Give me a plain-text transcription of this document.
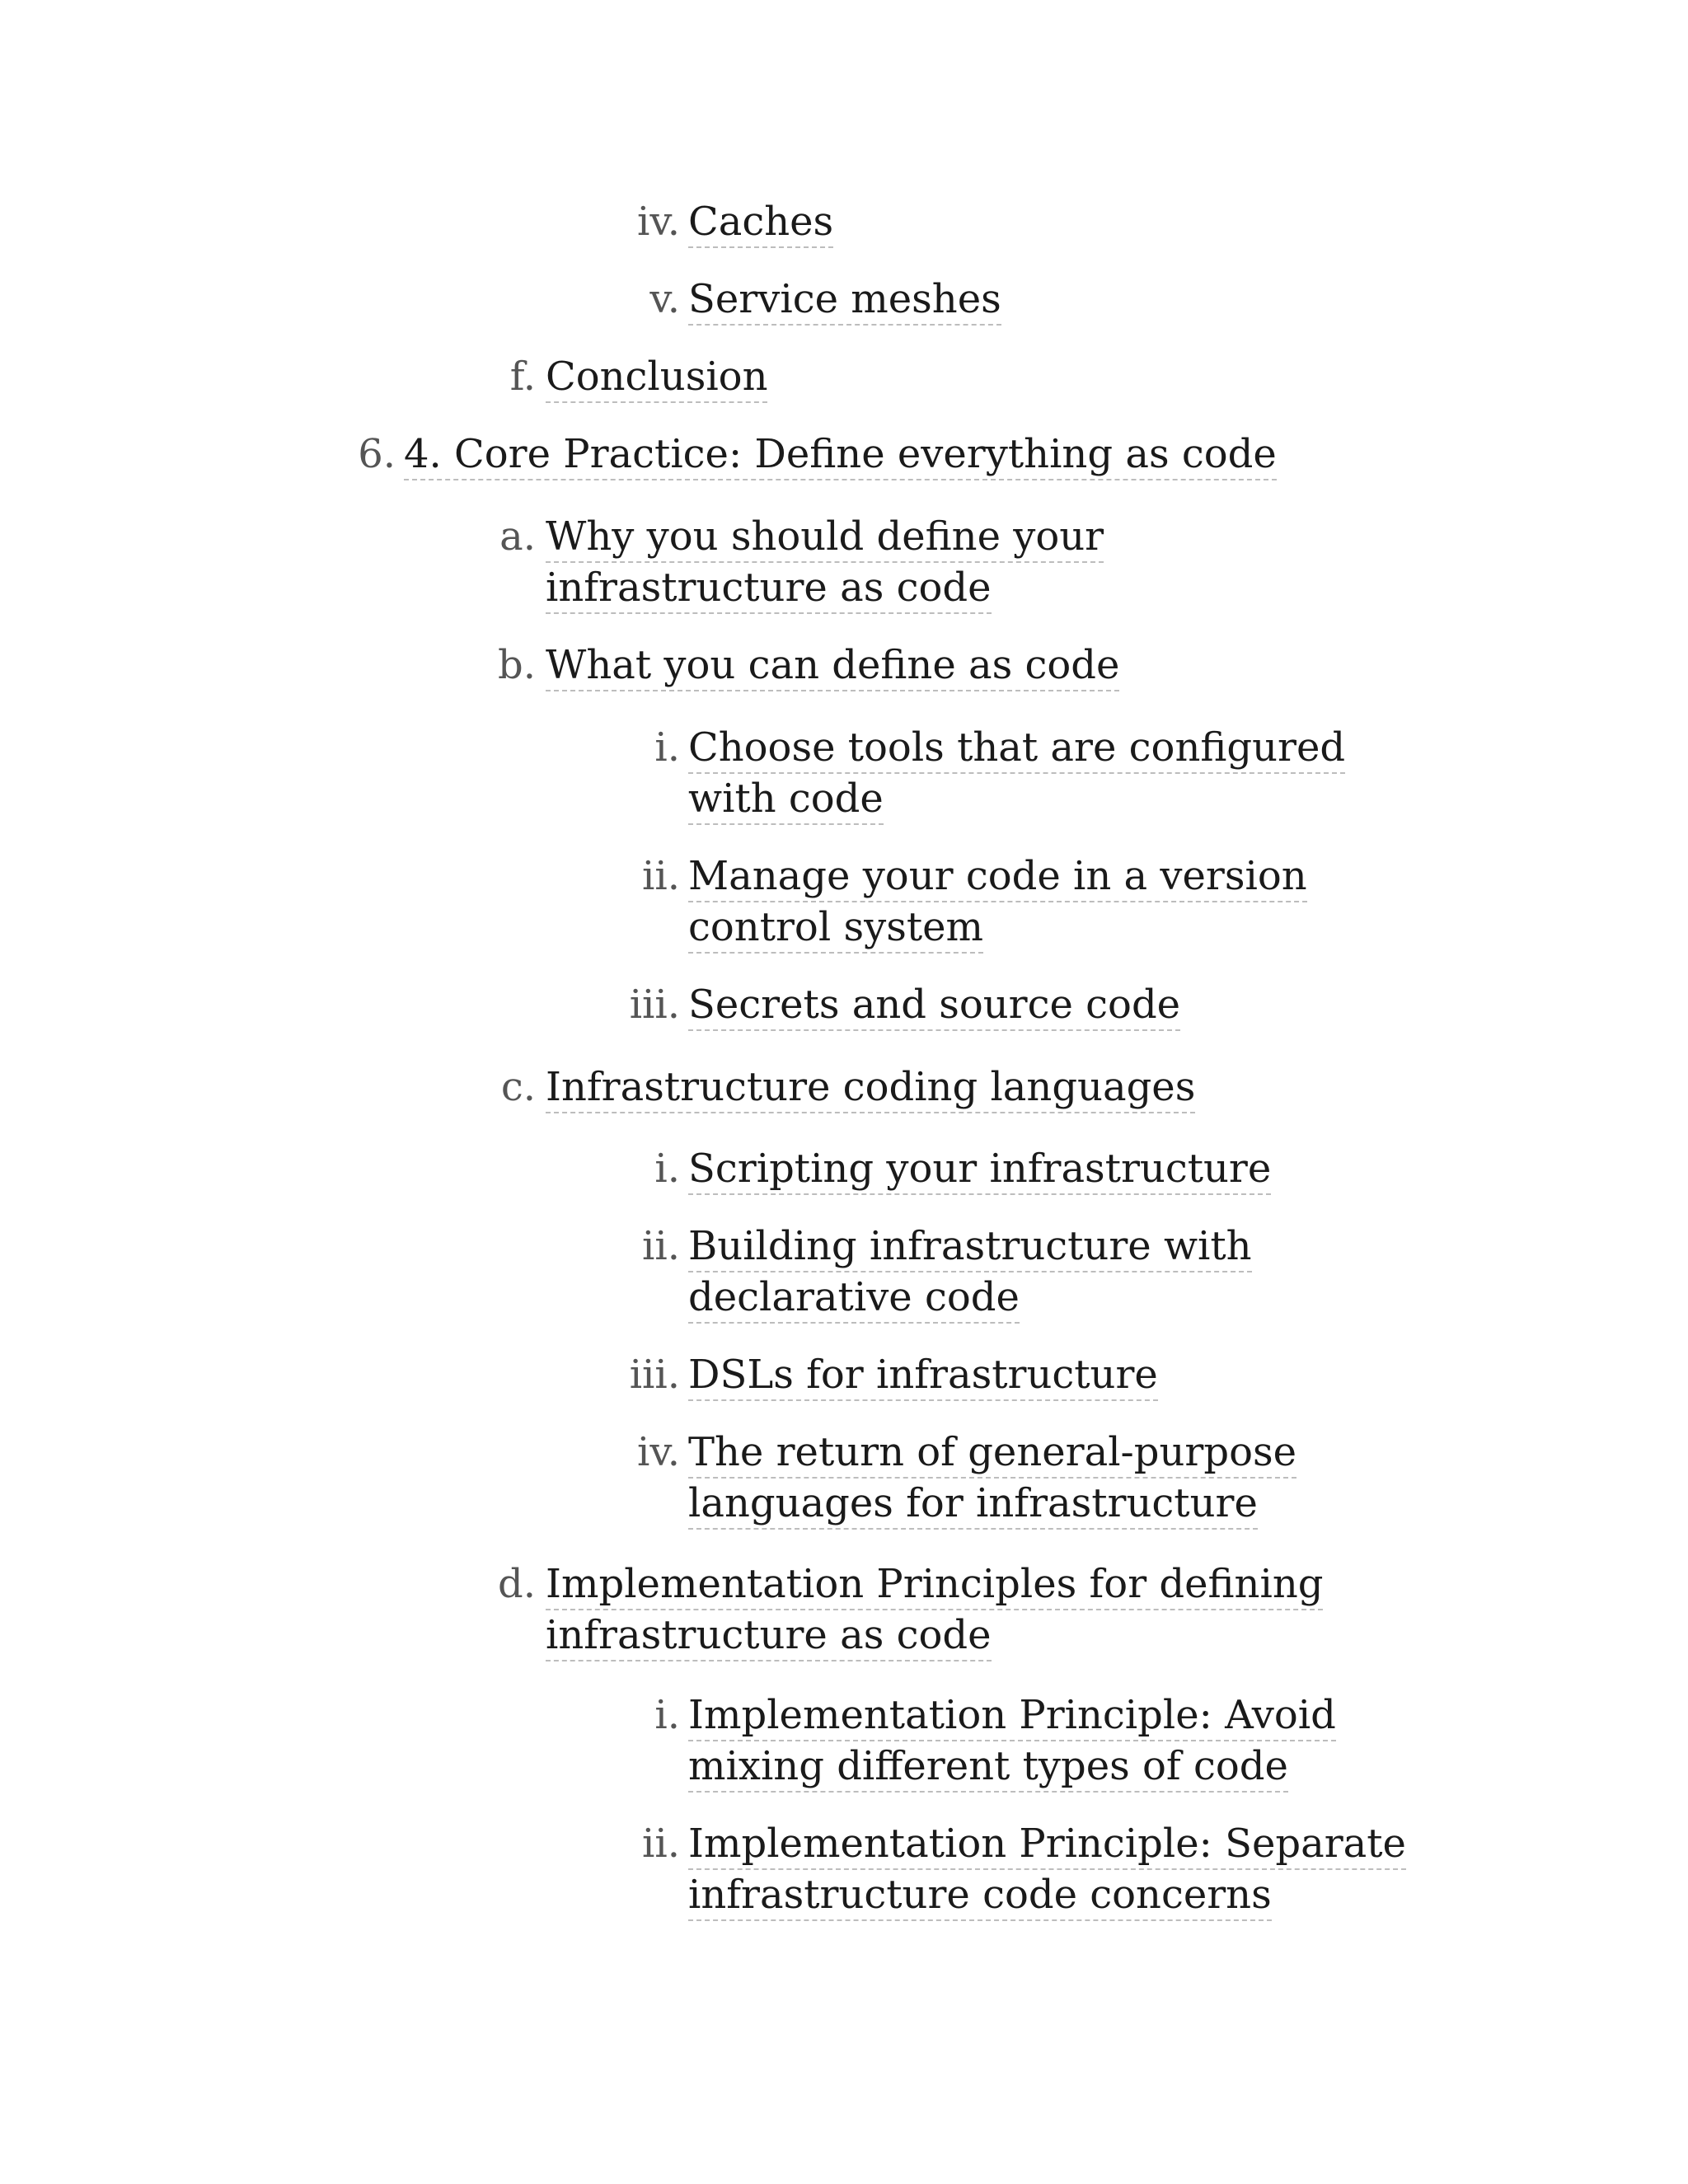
iv. Caches
v. Service meshes
f. Conclusion
6. 4. Core Practice: Define everything as code
a. Why you should define your infrastructure as code
b. What you can define as code
i. Choose tools that are configured with code
ii. Manage your code in a version control system
iii. Secrets and source code
c. Infrastructure coding languages
i. Scripting your infrastructure
ii. Building infrastructure with declarative code
iii. DSLs for infrastructure
iv. The return of general-purpose languages for infrastructure
d. Implementation Principles for defining infrastructure as code
i. Implementation Principle: Avoid mixing different types of code
ii. Implementation Principle: Separate infrastructure code concerns
